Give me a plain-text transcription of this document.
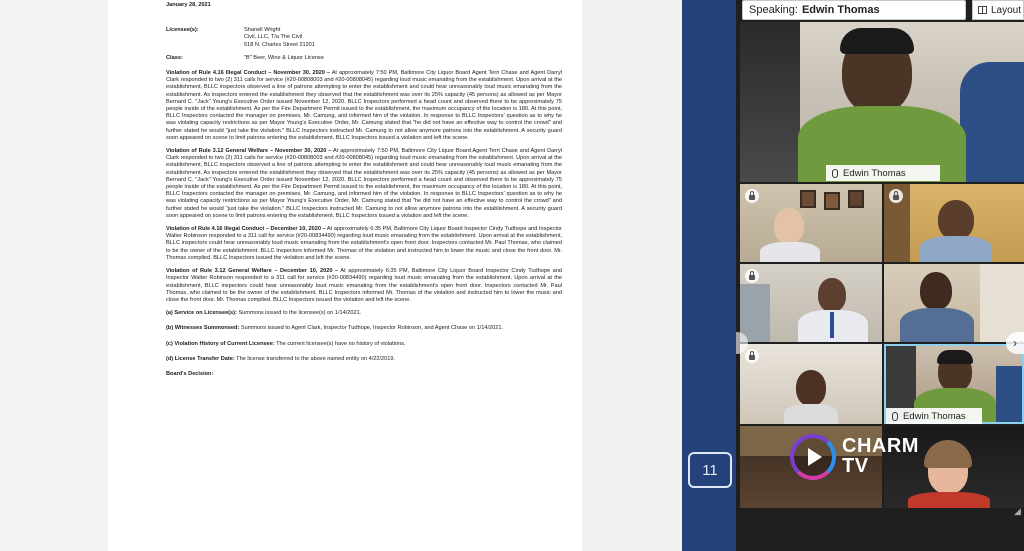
January 28, 2021
Licensee(s):	Shanell Wright
Civil, LLC, T/a The Civil
518 N. Charles Street 21201
Class:	"B" Beer, Wine & Liquor License

Violation of Rule 4.16 Illegal Conduct – November 30, 2020 – At approximately 7:50 PM, Baltimore City Liquor Board Agent Terri Chase and Agent Darryl Clark responded to two (2) 311 calls for service (#20-00808003 and #20-00808045) regarding loud music emanating from the establishment. Upon arrival at the establishment, BLLC inspectors observed a line of patrons attempting to enter the establishment and could hear unreasonably loud music emanating from the establishment. As inspectors entered the establishment they observed that the establishment was over its 25% capacity (45 persons) as allowed as per Mayor Bernard C. "Jack" Young's Executive Order issued November 12, 2020. BLLC Inspectors performed a head count and observed there to be approximately 75 people inside of the establishment. As per the Fire Department Permit issued to the establishment, the maximum occupancy of the location is 180. At this point, BLLC Inspectors contacted the manager on premises, Mr. Camung, and informed him of the violation. In response to BLLC Inspectors' question as to why he was violating capacity restrictions as per Mayor Young's Executive Order, Mr. Camung stated that "he did not have an effective way to control the crowd" and further stated he would "just take the violation." BLLC Inspectors instructed Mr. Camung to not allow anymore patrons into the establishment. A security guard soon appeared on scene to limit patrons entering the establishment. BLLC Inspectors issued a violation and left the scene.

Violation of Rule 3.12 General Welfare – November 30, 2020 – At approximately 7:50 PM, Baltimore City Liquor Board Agent Terri Chase and Agent Darryl Clark responded to two (2) 311 calls for service (#20-00808003 and #20-00808045) regarding loud music emanating from the establishment. Upon arrival at the establishment, BLLC inspectors observed a line of patrons attempting to enter the establishment and could hear unreasonably loud music emanating from the establishment. As inspectors entered the establishment they observed that the establishment was over its 25% capacity (45 persons) as allowed as per Mayor Bernard C. "Jack" Young's Executive Order issued November 12, 2020. BLLC Inspectors performed a head count and observed there to be approximately 75 people inside of the establishment. As per the Fire Department Permit issued to the establishment, the maximum occupancy of the location is 180. At this point, BLLC Inspectors contacted the manager on premises, Mr. Camung, and informed him of the violation. In response to BLLC Inspectors' question as to why he was violating capacity restrictions as per Mayor Young's Executive Order, Mr. Camung stated that "he did not have an effective way to control the crowd" and further stated he would "just take the violation." BLLC Inspectors instructed Mr. Camung to not allow anymore patrons into the establishment. A security guard soon appeared on scene to limit patrons entering the establishment. BLLC Inspectors issued a violation and left the scene.

Violation of Rule 4.16 Illegal Conduct – December 10, 2020 – At approximately 6:35 PM, Baltimore City Liquor Board Inspector Cindy Tudhope and Inspector Walter Robinson responded to a 311 call for service (#20-00834490) regarding loud music emanating from the establishment. Upon arrival at the establishment, BLLC inspectors could hear unreasonably loud music emanating from the establishment's open front door. Inspectors contacted Mr. Paul Thomas, who claimed to be the owner of the establishment. BLLC Inspectors informed Mr. Thomas of the violation and instructed him to lower the music and close the front door. Mr. Thomas complied. BLLC Inspectors issued the violation and left the scene.

Violation of Rule 3.12 General Welfare – December 10, 2020 – At approximately 6:35 PM, Baltimore City Liquor Board Inspector Cindy Tudhope and Inspector Walter Robinson responded to a 311 call for service (#20-00834490) regarding loud music emanating from the establishment. Upon arrival at the establishment, BLLC inspectors could hear unreasonably loud music emanating from the establishment's open front door. Inspectors contacted Mr. Paul Thomas, who claimed to be the owner of the establishment. BLLC Inspectors informed Mr. Thomas of the violation and instructed him to lower the music and close the front door. Mr. Thomas complied. BLLC Inspectors issued the violation and left the scene.

(a) Service on Licensee(s): Summons issued to the licensee(s) on 1/14/2021.

(b) Witnesses Summonsed: Summons issued to Agent Clark, Inspector Tudhope, Inspector Robinson, and Agent Chase on 1/14/2021.

(c) Violation History of Current Licensee: The current licensee(s) have no history of violations.

(d) License Transfer Date: The license transferred to the above named entity on 4/22/2019.

Board's Decision:
11
Speaking: Edwin Thomas	Layout
Edwin Thomas
Edwin Thomas
›
CHARM
TV
◢
